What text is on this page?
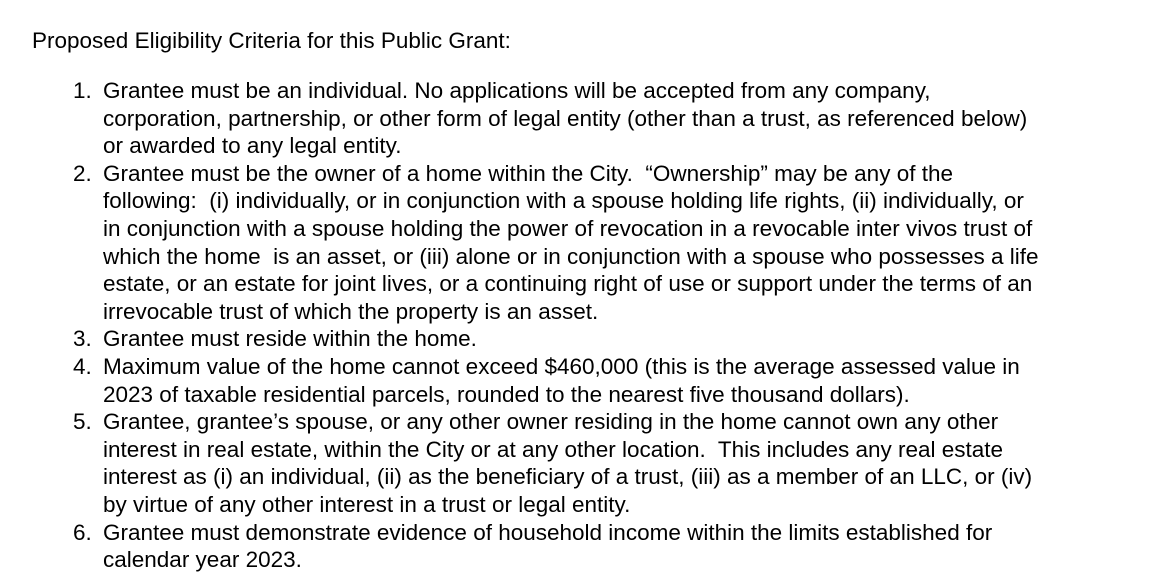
Proposed Eligibility Criteria for this Public Grant:

1. Grantee must be an individual. No applications will be accepted from any company,
corporation, partnership, or other form of legal entity (other than a trust, as referenced below)
or awarded to any legal entity.
2. Grantee must be the owner of a home within the City.  “Ownership” may be any of the
following:  (i) individually, or in conjunction with a spouse holding life rights, (ii) individually, or
in conjunction with a spouse holding the power of revocation in a revocable inter vivos trust of
which the home  is an asset, or (iii) alone or in conjunction with a spouse who possesses a life
estate, or an estate for joint lives, or a continuing right of use or support under the terms of an
irrevocable trust of which the property is an asset.
3. Grantee must reside within the home.
4. Maximum value of the home cannot exceed $460,000 (this is the average assessed value in
2023 of taxable residential parcels, rounded to the nearest five thousand dollars).
5. Grantee, grantee’s spouse, or any other owner residing in the home cannot own any other
interest in real estate, within the City or at any other location.  This includes any real estate
interest as (i) an individual, (ii) as the beneficiary of a trust, (iii) as a member of an LLC, or (iv)
by virtue of any other interest in a trust or legal entity.
6. Grantee must demonstrate evidence of household income within the limits established for
calendar year 2023.
